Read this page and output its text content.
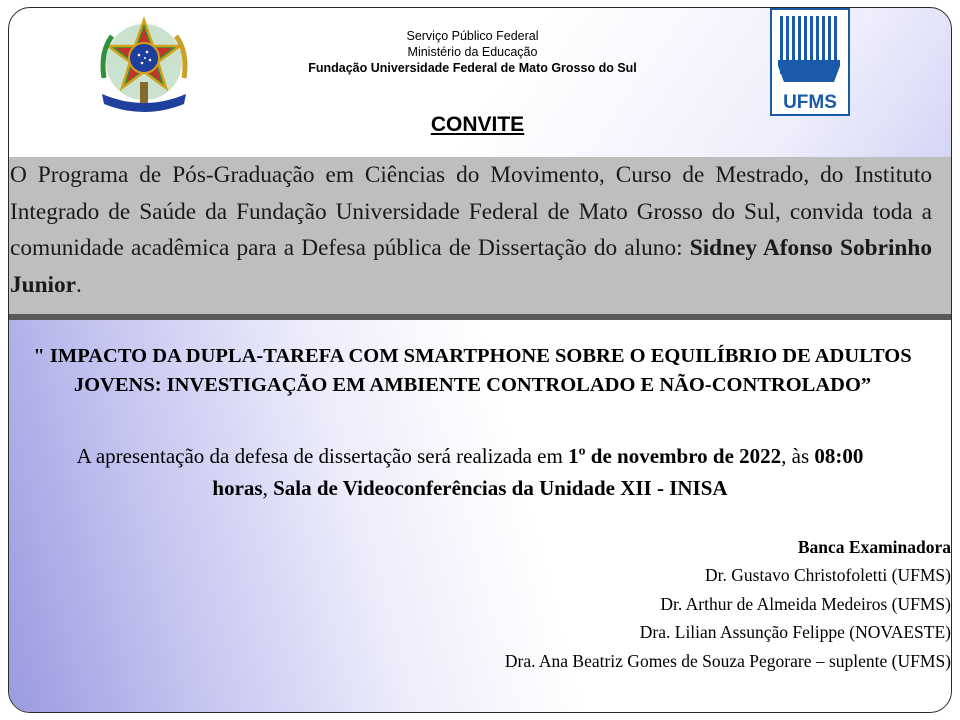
UFMS
Serviço Público Federal
Ministério da Educação
Fundação Universidade Federal de Mato Grosso do Sul
CONVITE
O Programa de Pós-Graduação em Ciências do Movimento, Curso de Mestrado, do Instituto Integrado de Saúde da Fundação Universidade Federal de Mato Grosso do Sul, convida toda a comunidade acadêmica para a Defesa pública de Dissertação do aluno: Sidney Afonso Sobrinho Junior.
" IMPACTO DA DUPLA-TAREFA COM SMARTPHONE SOBRE O EQUILÍBRIO DE ADULTOS JOVENS: INVESTIGAÇÃO EM AMBIENTE CONTROLADO E NÃO-CONTROLADO”
A apresentação da defesa de dissertação será realizada em 1º de novembro de 2022, às 08:00 horas, Sala de Videoconferências da Unidade XII - INISA
Banca Examinadora
Dr. Gustavo Christofoletti (UFMS)
Dr. Arthur de Almeida Medeiros (UFMS)
Dra. Lilian Assunção Felippe (NOVAESTE)
Dra. Ana Beatriz Gomes de Souza Pegorare – suplente (UFMS)
